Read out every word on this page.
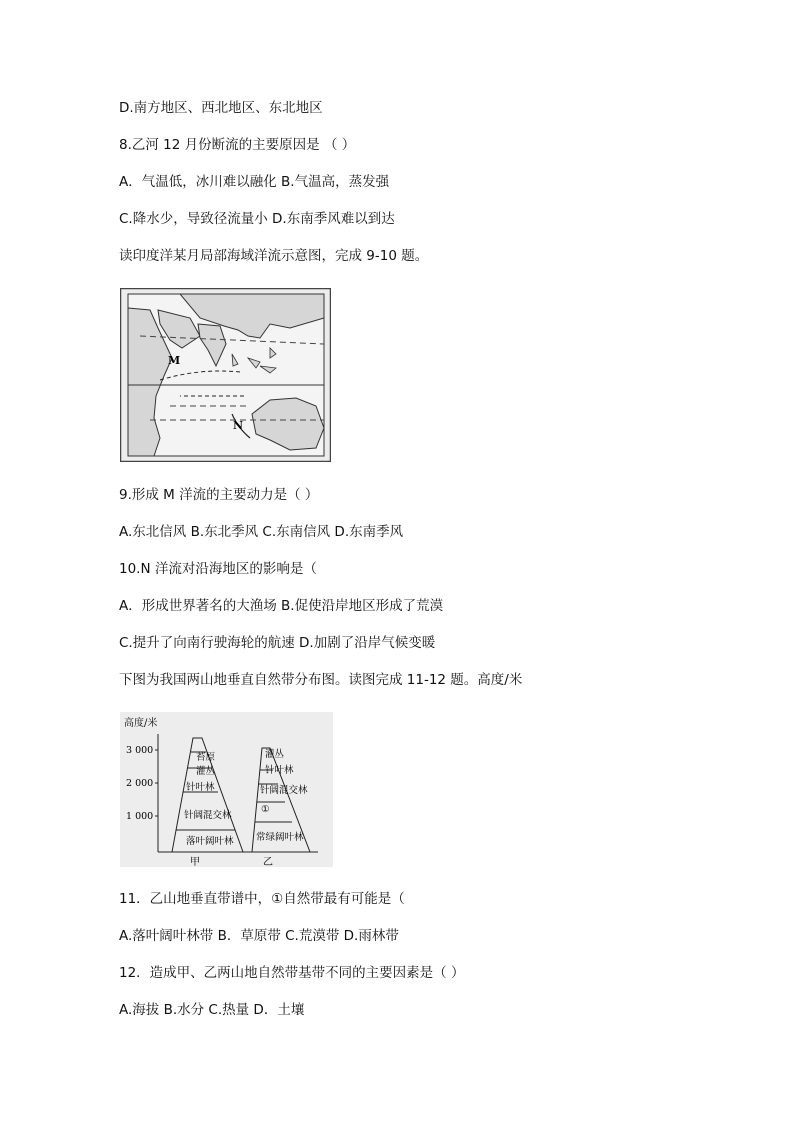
D.南方地区、西北地区、东北地区
8.乙河 12 月份断流的主要原因是 （ ）
A．气温低，冰川难以融化 B.气温高，蒸发强
C.降水少，导致径流量小 D.东南季风难以到达
读印度洋某月局部海域洋流示意图，完成 9-10 题。
M
N
9.形成 M 洋流的主要动力是（ ）
A.东北信风 B.东北季风 C.东南信风 D.东南季风
10.N 洋流对沿海地区的影响是（
A．形成世界著名的大渔场 B.促使沿岸地区形成了荒漠
C.提升了向南行驶海轮的航速 D.加剧了沿岸气候变暖
下图为我国两山地垂直自然带分布图。读图完成 11-12 题。高度/米
高度/米
3 000
2 000
1 000
苔原
灌丛
针叶林
针阔混交林
落叶阔叶林
甲
灌丛
针叶林
针阔混交林
①
常绿阔叶林
乙
11．乙山地垂直带谱中，①自然带最有可能是（
A.落叶阔叶林带 B．草原带 C.荒漠带 D.雨林带
12．造成甲、乙两山地自然带基带不同的主要因素是（ ）
A.海拔 B.水分 C.热量 D．土壤
